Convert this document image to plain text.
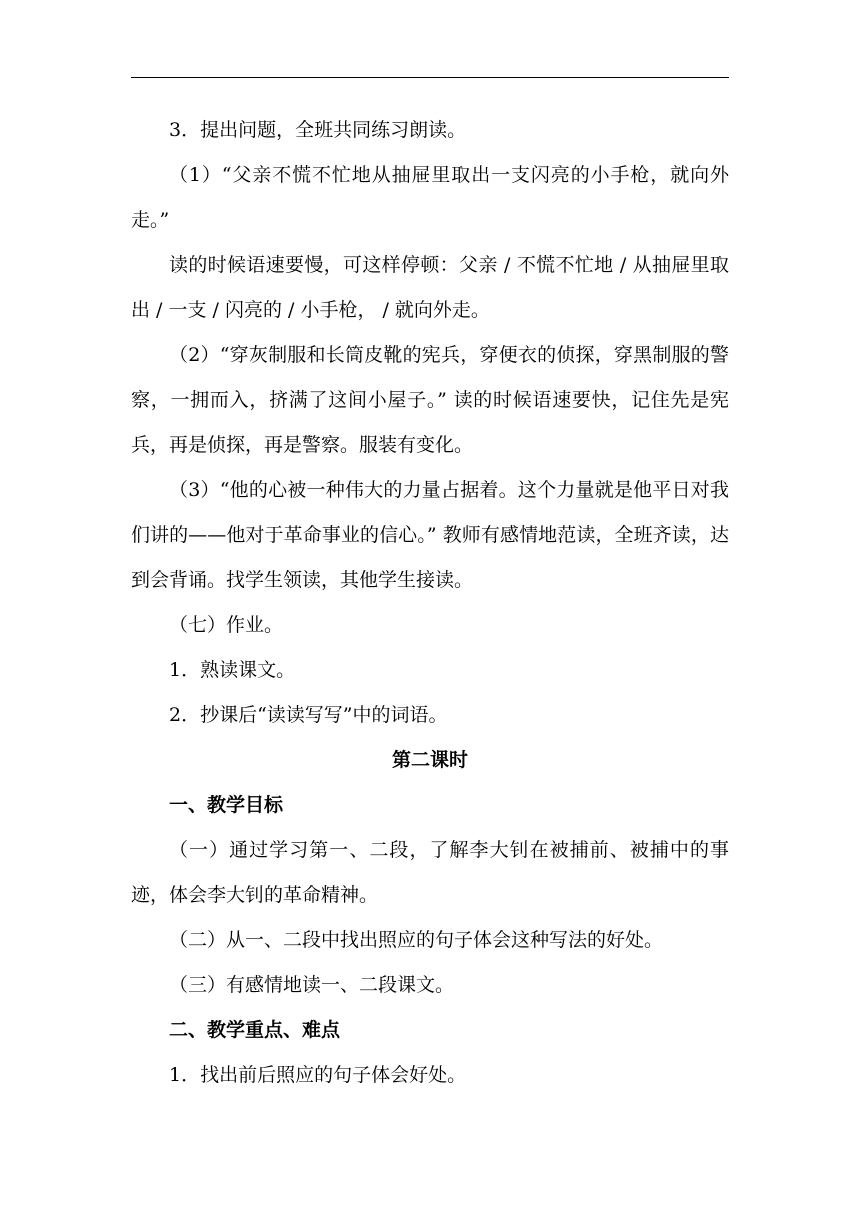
3．提出问题，全班共同练习朗读。

（1）“父亲不慌不忙地从抽屉里取出一支闪亮的小手枪，就向外走。”

读的时候语速要慢，可这样停顿：父亲 / 不慌不忙地 / 从抽屉里取出 / 一支 / 闪亮的 / 小手枪， / 就向外走。

（2）“穿灰制服和长筒皮靴的宪兵，穿便衣的侦探，穿黑制服的警察，一拥而入，挤满了这间小屋子。” 读的时候语速要快，记住先是宪兵，再是侦探，再是警察。服装有变化。

（3）“他的心被一种伟大的力量占据着。这个力量就是他平日对我们讲的——他对于革命事业的信心。” 教师有感情地范读，全班齐读，达到会背诵。找学生领读，其他学生接读。

（七）作业。

1．熟读课文。

2．抄课后“读读写写”中的词语。

第二课时

一、教学目标

（一）通过学习第一、二段，了解李大钊在被捕前、被捕中的事迹，体会李大钊的革命精神。

（二）从一、二段中找出照应的句子体会这种写法的好处。

（三）有感情地读一、二段课文。

二、教学重点、难点

1．找出前后照应的句子体会好处。
